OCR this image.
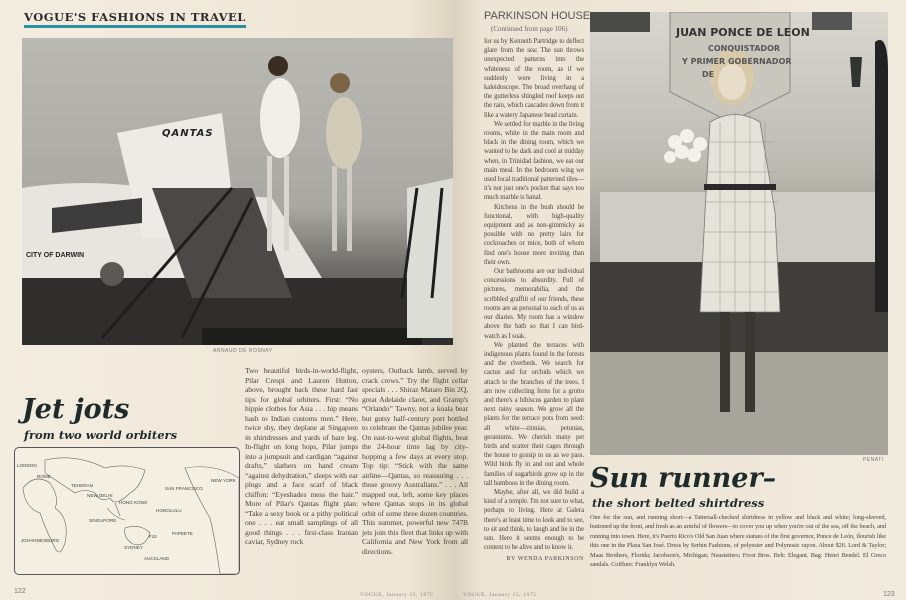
VOGUE'S FASHIONS IN TRAVEL
QANTAS
CITY OF DARWIN
ARNAUD DE ROSNAY
Jet jots
from two world orbiters
LONDON
ROME
TEHERAN
NEW DELHI
HONG KONG
SINGAPORE
JOHANNESBURG
SYDNEY
AUCKLAND
FIJI
PAPEETE
HONOLULU
SAN FRANCISCO
NEW YORK
Two beautiful birds-in-world-flight, Pilar Crespi and Lauren Hutton, above, brought back these hard fast tips for global orbiters. First: “No hippie clothes for Asia . . . hip means hash to Indian customs men.” Here, twice shy, they deplane at Singapore in shirtdresses and yards of bare leg. In-flight on long hops, Pilar jumps into a jumpsuit and cardigan “against drafts,” slathers on hand cream “against dehydration,” sleeps with ear plugs and a face scarf of black chiffon: “Eyeshades mess the hair.” More of Pilar's Qantas flight plan: “Take a sexy book or a pithy political one . . . eat small samplings of all good things . . . first-class Iranian caviar, Sydney rock
oysters, Outback lamb, served by crack crews.” Try the flight cellar specials . . . Shiraz Mataro Bin 2Q, great Adelaide claret, and Gramp's “Orlando” Tawny, not a koala bear but gutsy half-century port bottled to celebrate the Qantas jubilee year. On east-to-west global flights, beat the 24-hour time lag by city-hopping a few days at every stop. Top tip: “Stick with the same airline—Qantas, so reassuring . . . those groovy Australians.” . . . All mapped out, left, some key places where Qantas stops in its global orbit of some three dozen countries. This summer, powerful new 747B jets join this fleet that links up with California and New York from all directions.
122	VOGUE, January 15, 1975
PARKINSON HOUSE
(Continued from page 106)

for us by Kenneth Partridge to deflect glare from the sea: The sun throws unexpected patterns into the whiteness of the room, as if we suddenly were living in a kaleidoscope. The broad overhang of the gutterless shingled roof keeps out the rain, which cascades down from it like a watery Japanese bead curtain.

We settled for marble in the living rooms, white in the main room and black in the dining room, which we wanted to be dark and cool at midday when, in Trinidad fashion, we eat our main meal. In the bedroom wing we used local traditional patterned tiles—it's not just one's pocket that says too much marble is banal.

Kitchens in the bush should be functional, with high-quality equipment and as non-gimmicky as possible with no pretty lairs for cockroaches or mice, both of whom find one's house more inviting than their own.

Our bathrooms are our individual concessions to absurdity. Full of pictures, memorabilia, and the scribbled graffiti of our friends, these rooms are as personal to each of us as our diaries. My room has a window above the bath so that I can bird-watch as I soak.

We planted the terraces with indigenous plants found in the forests and the riverbeds. We search for cactus and for orchids which we attach to the branches of the trees. I am now collecting ferns for a grotto and there's a hibiscus garden to plant next rainy season. We grow all the plants for the terrace pots from seed: all white—zinnias, petunias, geraniums. We cherish many pet birds and scatter their cages through the house to gossip to us as we pass. Wild birds fly in and out and whole families of sugarbirds grow up in the tall bamboos in the dining room.

Maybe, after all, we did build a kind of a temple. I'm not sure to what, perhaps to living. Here at Galera there's at least time to look and to see, to sit and think, to laugh and lie in the sun. Here it seems enough to be content to be alive and to know it.

BY WENDA PARKINSON
JUAN PONCE DE LEON
CONQUISTADOR
Y PRIMER GOBERNADOR
DE
PENATI
Sun runner–
the short belted shirtdress
One for the sun, and running short—a Tattersall-checked shirtdress in yellow and black and white; long-sleeved, buttoned up the front, and fresh as an armful of flowers—to cover you up when you're out of the sea, off the beach, and running into town. Here, it's Puerto Rico's Old San Juan where statues of the first governor, Ponce de León, flourish like this one in the Plaza San José. Dress by Serbin Fashions, of polyester and Polynosic rayon. About $26. Lord & Taylor; Maas Brothers, Florida; Jacobson's, Michigan; Neustetters; Frost Bros. Belt: Elegant. Bag: Henri Bendel. El Greco sandals. Coiffure: Franklyn Welsh.
VOGUE, January 15, 1975	123
